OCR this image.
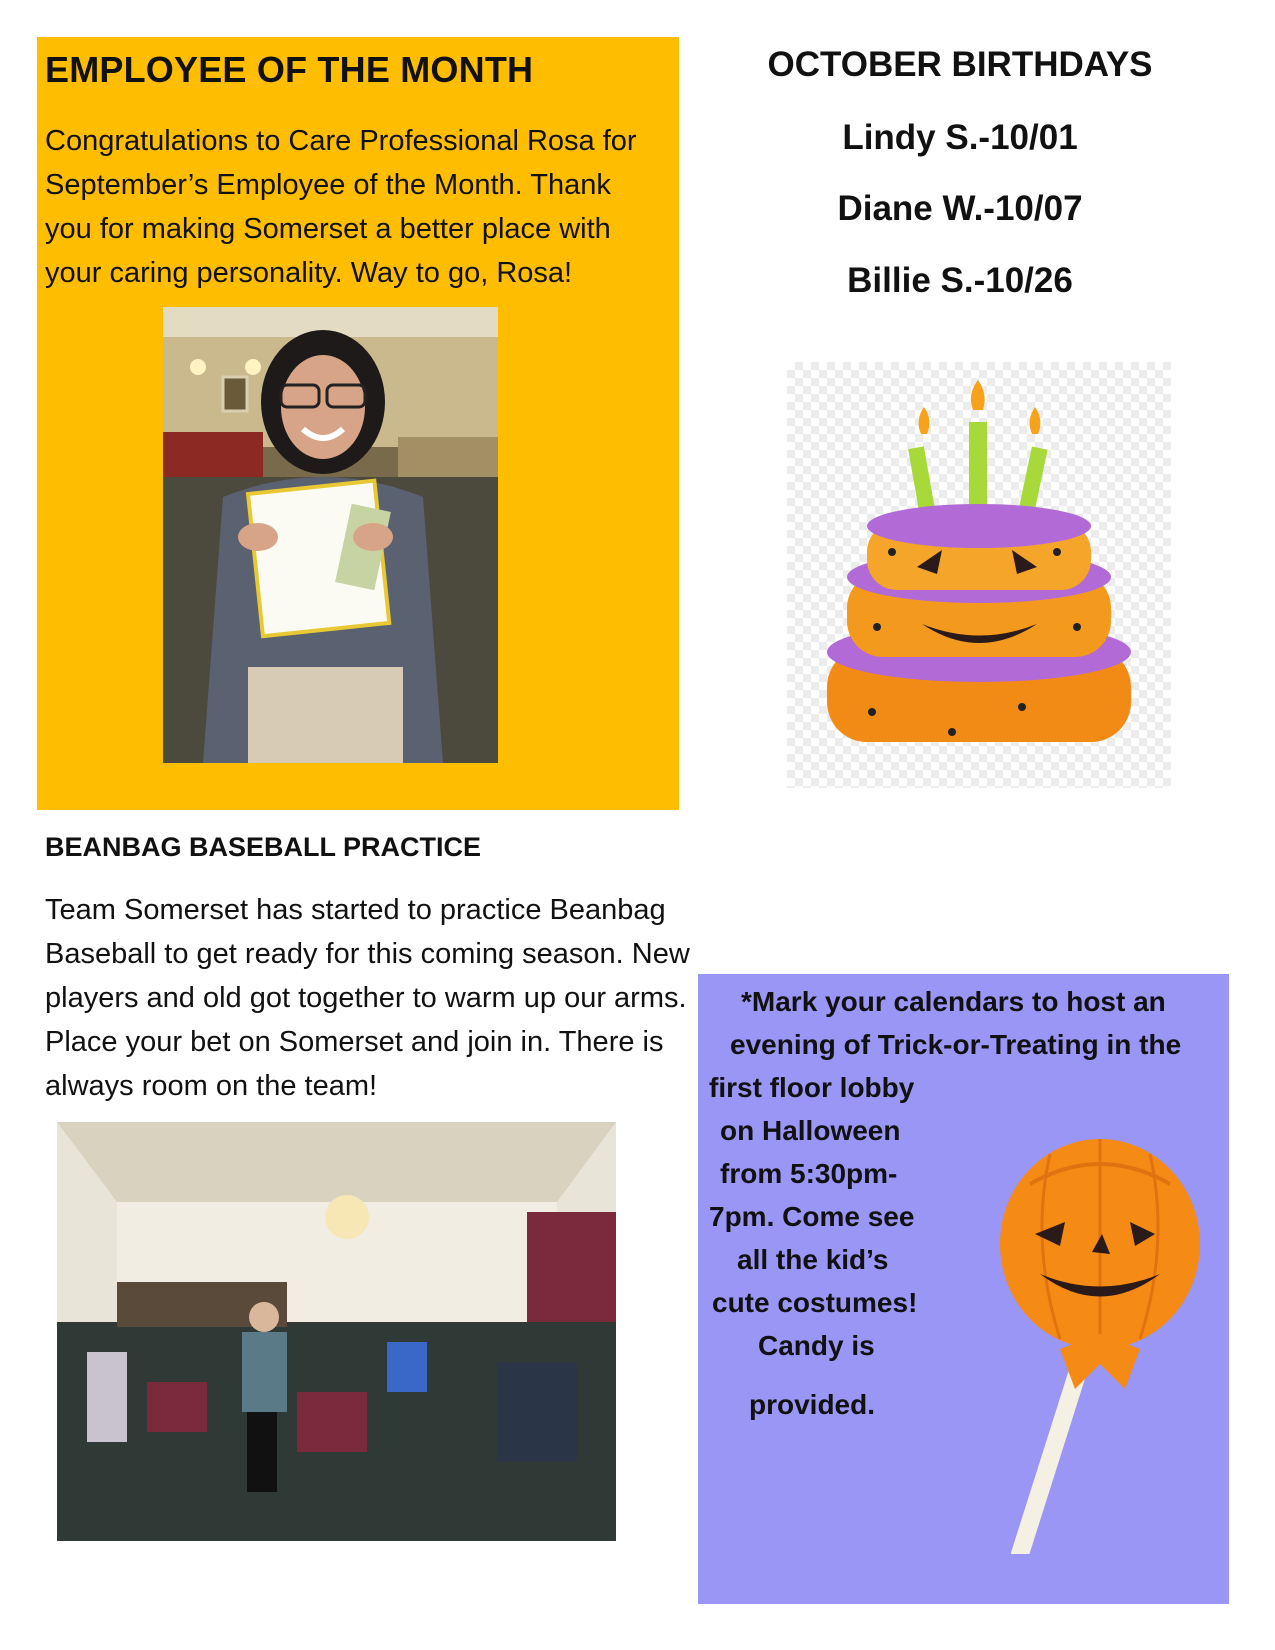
EMPLOYEE OF THE MONTH
Congratulations to Care Professional Rosa for September’s Employee of the Month. Thank you for making Somerset a better place with your caring personality. Way to go, Rosa!
OCTOBER BIRTHDAYS
Lindy S.-10/01
Diane W.-10/07
Billie S.-10/26
BEANBAG BASEBALL PRACTICE
Team Somerset has started to practice Beanbag Baseball to get ready for this coming season. New players and old got together to warm up our arms. Place your bet on Somerset and join in. There is always room on the team!
*Mark your calendars to host an
evening of Trick-or-Treating in the
first floor lobby
on Halloween
from 5:30pm-
7pm. Come see
all the kid’s
cute costumes!
Candy is
provided.
